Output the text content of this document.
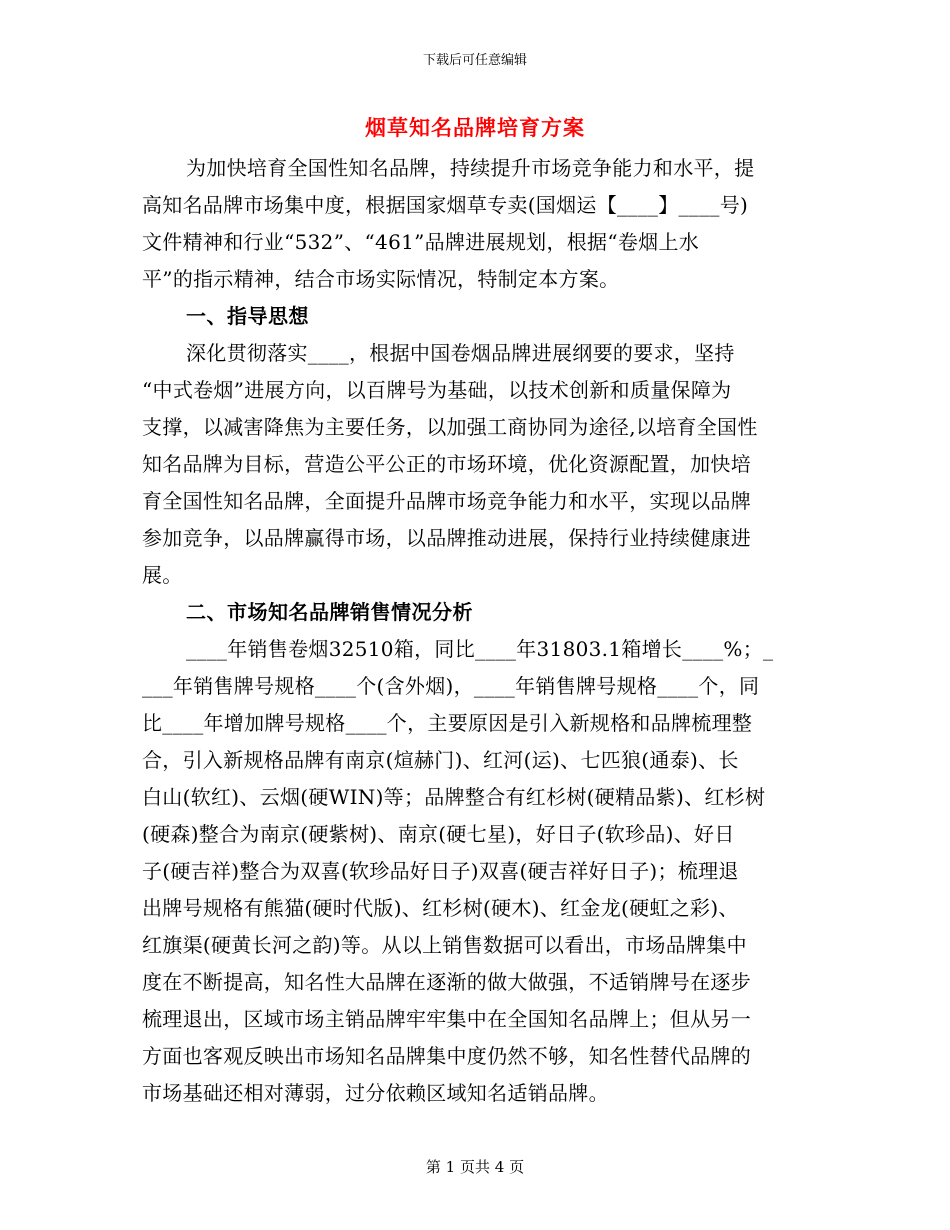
下载后可任意编辑
烟草知名品牌培育方案
为加快培育全国性知名品牌，持续提升市场竞争能力和水平，提
高知名品牌市场集中度，根据国家烟草专卖(国烟运【____】____号)
文件精神和行业“532”、“461”品牌进展规划，根据“卷烟上水
平”的指示精神，结合市场实际情况，特制定本方案。
一、指导思想
深化贯彻落实____，根据中国卷烟品牌进展纲要的要求，坚持
“中式卷烟”进展方向，以百牌号为基础，以技术创新和质量保障为
支撑，以减害降焦为主要任务，以加强工商协同为途径,以培育全国性
知名品牌为目标，营造公平公正的市场环境，优化资源配置，加快培
育全国性知名品牌，全面提升品牌市场竞争能力和水平，实现以品牌
参加竞争，以品牌赢得市场，以品牌推动进展，保持行业持续健康进
展。
二、市场知名品牌销售情况分析
____年销售卷烟32510箱，同比____年31803.1箱增长____%；_
___年销售牌号规格____个(含外烟)，____年销售牌号规格____个，同
比____年增加牌号规格____个，主要原因是引入新规格和品牌梳理整
合，引入新规格品牌有南京(煊赫门)、红河(运)、七匹狼(通泰)、长
白山(软红)、云烟(硬WIN)等；品牌整合有红杉树(硬精品紫)、红杉树
(硬森)整合为南京(硬紫树)、南京(硬七星)，好日子(软珍品)、好日
子(硬吉祥)整合为双喜(软珍品好日子)双喜(硬吉祥好日子)；梳理退
出牌号规格有熊猫(硬时代版)、红杉树(硬木)、红金龙(硬虹之彩)、
红旗渠(硬黄长河之韵)等。从以上销售数据可以看出，市场品牌集中
度在不断提高，知名性大品牌在逐渐的做大做强，不适销牌号在逐步
梳理退出，区域市场主销品牌牢牢集中在全国知名品牌上；但从另一
方面也客观反映出市场知名品牌集中度仍然不够，知名性替代品牌的
市场基础还相对薄弱，过分依赖区域知名适销品牌。
第 1 页共 4 页
